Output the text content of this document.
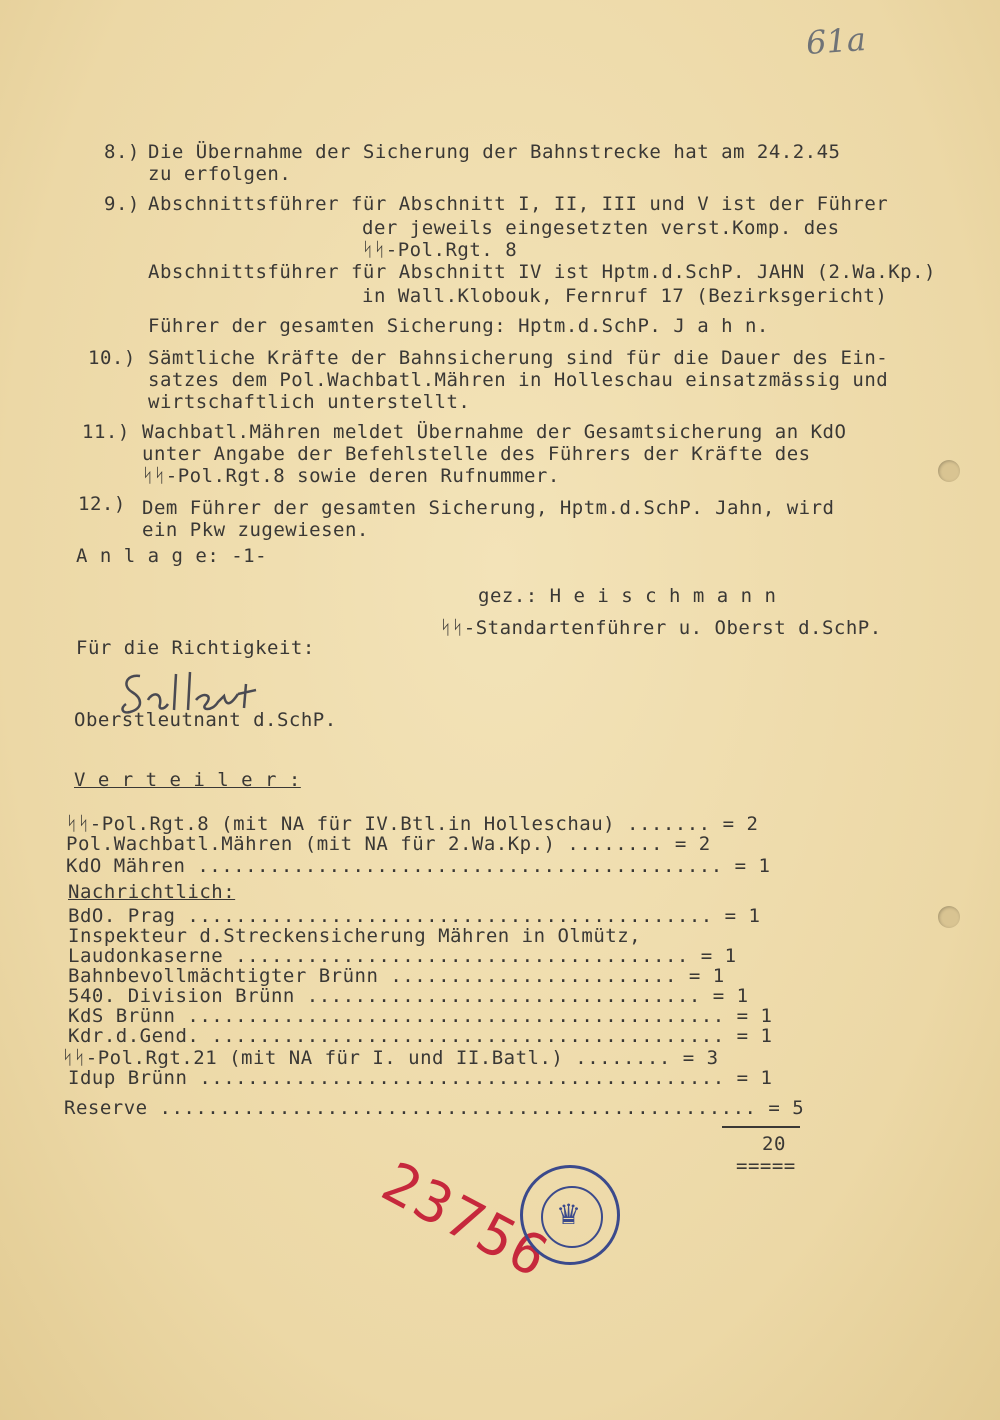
61a
8.) Die Übernahme der Sicherung der Bahnstrecke hat am 24.2.45
zu erfolgen.
9.) Abschnittsführer für Abschnitt I, II, III und V ist der Führer
der jeweils eingesetzten verst.Komp. des
ᛋᛋ-Pol.Rgt. 8
Abschnittsführer für Abschnitt IV ist Hptm.d.SchP. JAHN (2.Wa.Kp.)
in Wall.Klobouk, Fernruf 17 (Bezirksgericht)
Führer der gesamten Sicherung: Hptm.d.SchP. J a h n.
10.) Sämtliche Kräfte der Bahnsicherung sind für die Dauer des Ein-
satzes dem Pol.Wachbatl.Mähren in Holleschau einsatzmässig und
wirtschaftlich unterstellt.
11.) Wachbatl.Mähren meldet Übernahme der Gesamtsicherung an KdO
unter Angabe der Befehlstelle des Führers der Kräfte des
ᛋᛋ-Pol.Rgt.8 sowie deren Rufnummer.
12.) Dem Führer der gesamten Sicherung, Hptm.d.SchP. Jahn, wird
ein Pkw zugewiesen.
A n l a g e: -1-
gez.: H e i s c h m a n n
ᛋᛋ-Standartenführer u. Oberst d.SchP.
Für die Richtigkeit:
Oberstleutnant d.SchP.
V e r t e i l e r :
ᛋᛋ-Pol.Rgt.8 (mit NA für IV.Btl.in Holleschau) ....... = 2
Pol.Wachbatl.Mähren (mit NA für 2.Wa.Kp.) ........ = 2
KdO Mähren ............................................ = 1
Nachrichtlich:
BdO. Prag ............................................ = 1
Inspekteur d.Streckensicherung Mähren in Olmütz,
Laudonkaserne ...................................... = 1
Bahnbevollmächtigter Brünn ........................ = 1
540. Division Brünn ................................. = 1
KdS Brünn ............................................. = 1
Kdr.d.Gend. ........................................... = 1
ᛋᛋ-Pol.Rgt.21 (mit NA für I. und II.Batl.) ........ = 3
Idup Brünn ............................................ = 1
Reserve .................................................. = 5
20
=====
23756
♛
